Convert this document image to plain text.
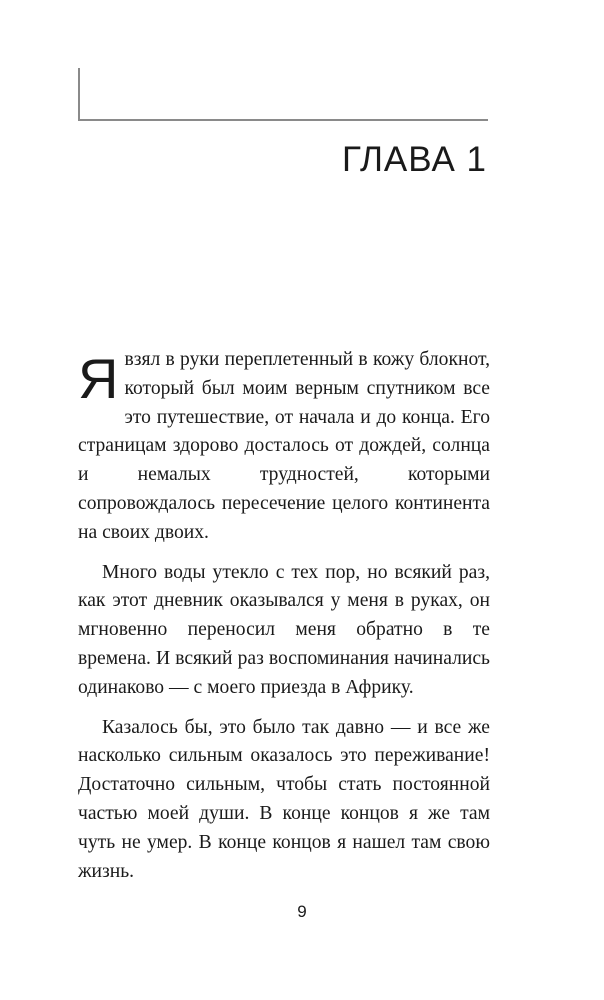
ГЛАВА 1

Явзял в руки переплетенный в кожу блокнот, который был моим верным спутником все это путешествие, от начала и до конца. Его страницам здорово досталось от дождей, солнца и немалых трудностей, которыми сопровождалось пересечение целого континента на своих двоих.

Много воды утекло с тех пор, но всякий раз, как этот дневник оказывался у меня в руках, он мгновенно переносил меня обратно в те времена. И всякий раз воспоминания начинались одинаково — с моего приезда в Африку.

Казалось бы, это было так давно — и все же насколько сильным оказалось это переживание! Достаточно сильным, чтобы стать постоянной частью моей души. В конце концов я же там чуть не умер. В конце концов я нашел там свою жизнь.

9
